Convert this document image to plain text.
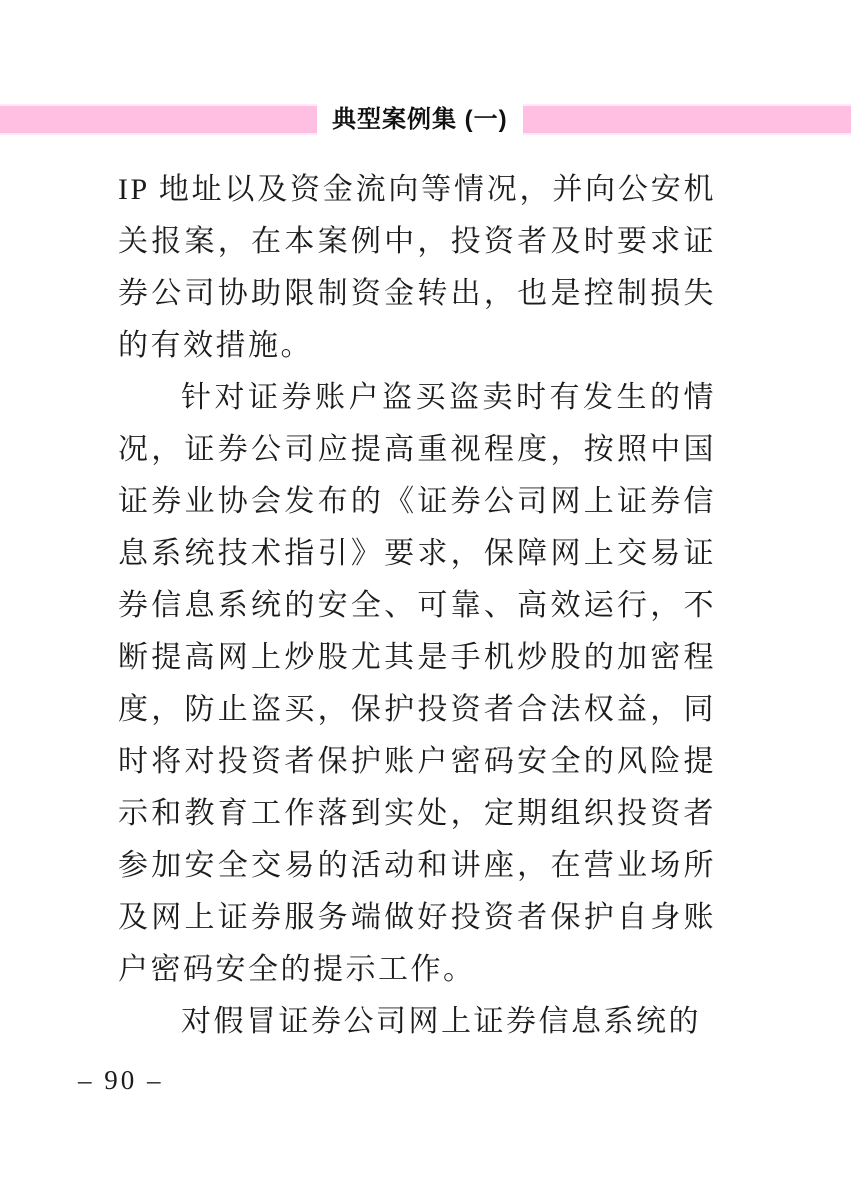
典型案例集 (一)

IP 地址以及资金流向等情况，并向公安机关报案，在本案例中，投资者及时要求证券公司协助限制资金转出，也是控制损失的有效措施。

针对证券账户盗买盗卖时有发生的情况，证券公司应提高重视程度，按照中国证券业协会发布的《证券公司网上证券信息系统技术指引》要求，保障网上交易证券信息系统的安全、可靠、高效运行，不断提高网上炒股尤其是手机炒股的加密程度，防止盗买，保护投资者合法权益，同时将对投资者保护账户密码安全的风险提示和教育工作落到实处，定期组织投资者参加安全交易的活动和讲座，在营业场所及网上证券服务端做好投资者保护自身账户密码安全的提示工作。

对假冒证券公司网上证券信息系统的

– 90 –
